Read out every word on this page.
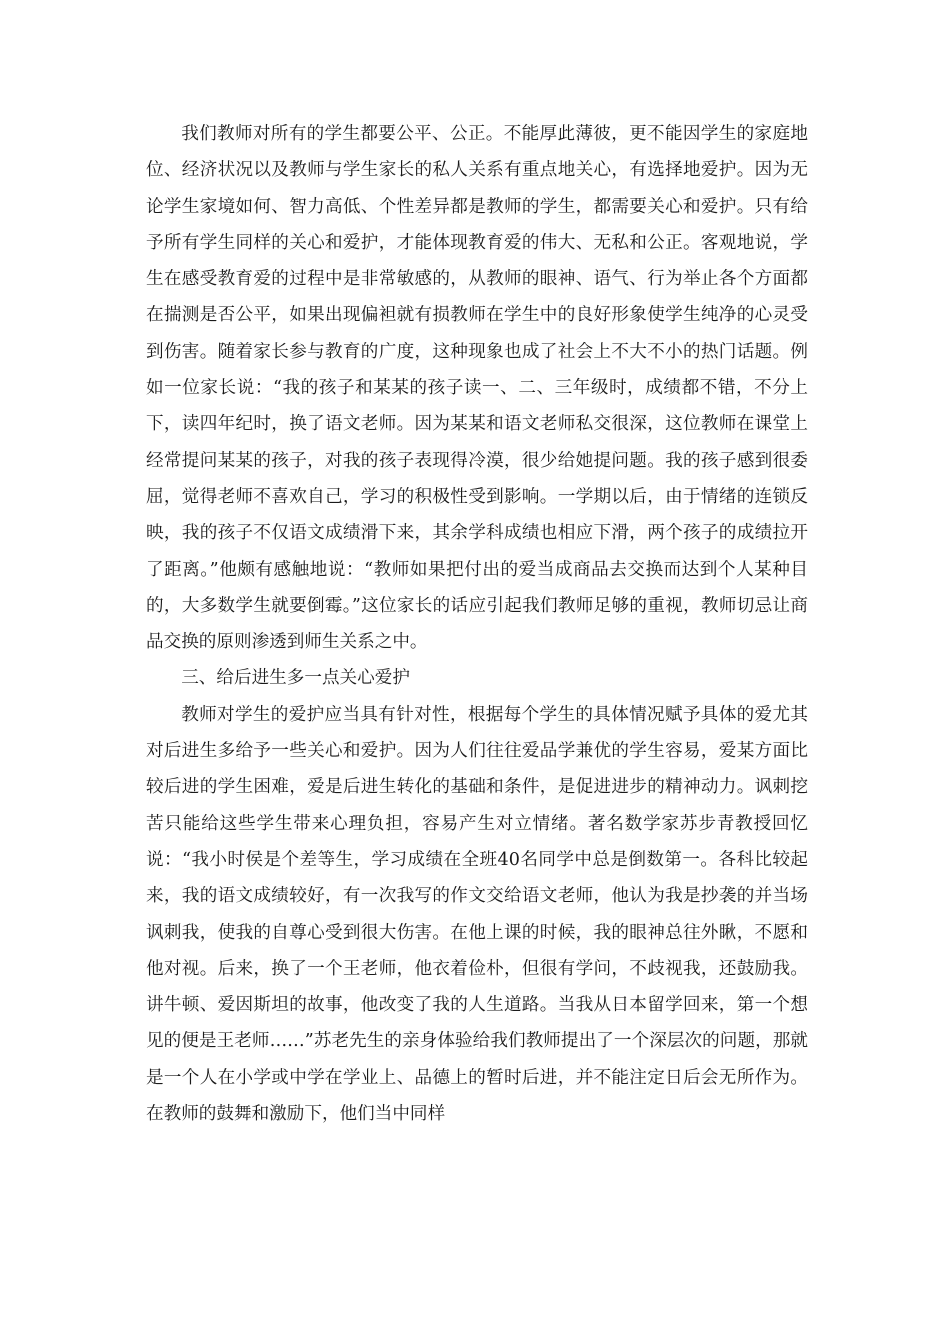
我们教师对所有的学生都要公平、公正。不能厚此薄彼，更不能因学生的家庭地位、经济状况以及教师与学生家长的私人关系有重点地关心，有选择地爱护。因为无论学生家境如何、智力高低、个性差异都是教师的学生，都需要关心和爱护。只有给予所有学生同样的关心和爱护，才能体现教育爱的伟大、无私和公正。客观地说，学生在感受教育爱的过程中是非常敏感的，从教师的眼神、语气、行为举止各个方面都在揣测是否公平，如果出现偏袒就有损教师在学生中的良好形象使学生纯净的心灵受到伤害。随着家长参与教育的广度，这种现象也成了社会上不大不小的热门话题。例如一位家长说：“我的孩子和某某的孩子读一、二、三年级时，成绩都不错，不分上下，读四年纪时，换了语文老师。因为某某和语文老师私交很深，这位教师在课堂上经常提问某某的孩子，对我的孩子表现得冷漠，很少给她提问题。我的孩子感到很委屈，觉得老师不喜欢自己，学习的积极性受到影响。一学期以后，由于情绪的连锁反映，我的孩子不仅语文成绩滑下来，其余学科成绩也相应下滑，两个孩子的成绩拉开了距离。”他颇有感触地说：“教师如果把付出的爱当成商品去交换而达到个人某种目的，大多数学生就要倒霉。”这位家长的话应引起我们教师足够的重视，教师切忌让商品交换的原则渗透到师生关系之中。

三、给后进生多一点关心爱护

教师对学生的爱护应当具有针对性，根据每个学生的具体情况赋予具体的爱尤其对后进生多给予一些关心和爱护。因为人们往往爱品学兼优的学生容易，爱某方面比较后进的学生困难，爱是后进生转化的基础和条件，是促进进步的精神动力。讽刺挖苦只能给这些学生带来心理负担，容易产生对立情绪。著名数学家苏步青教授回忆说：“我小时侯是个差等生，学习成绩在全班40名同学中总是倒数第一。各科比较起来，我的语文成绩较好，有一次我写的作文交给语文老师，他认为我是抄袭的并当场讽刺我，使我的自尊心受到很大伤害。在他上课的时候，我的眼神总往外瞅，不愿和他对视。后来，换了一个王老师，他衣着俭朴，但很有学问，不歧视我，还鼓励我。讲牛顿、爱因斯坦的故事，他改变了我的人生道路。当我从日本留学回来，第一个想见的便是王老师……”苏老先生的亲身体验给我们教师提出了一个深层次的问题，那就是一个人在小学或中学在学业上、品德上的暂时后进，并不能注定日后会无所作为。在教师的鼓舞和激励下，他们当中同样
